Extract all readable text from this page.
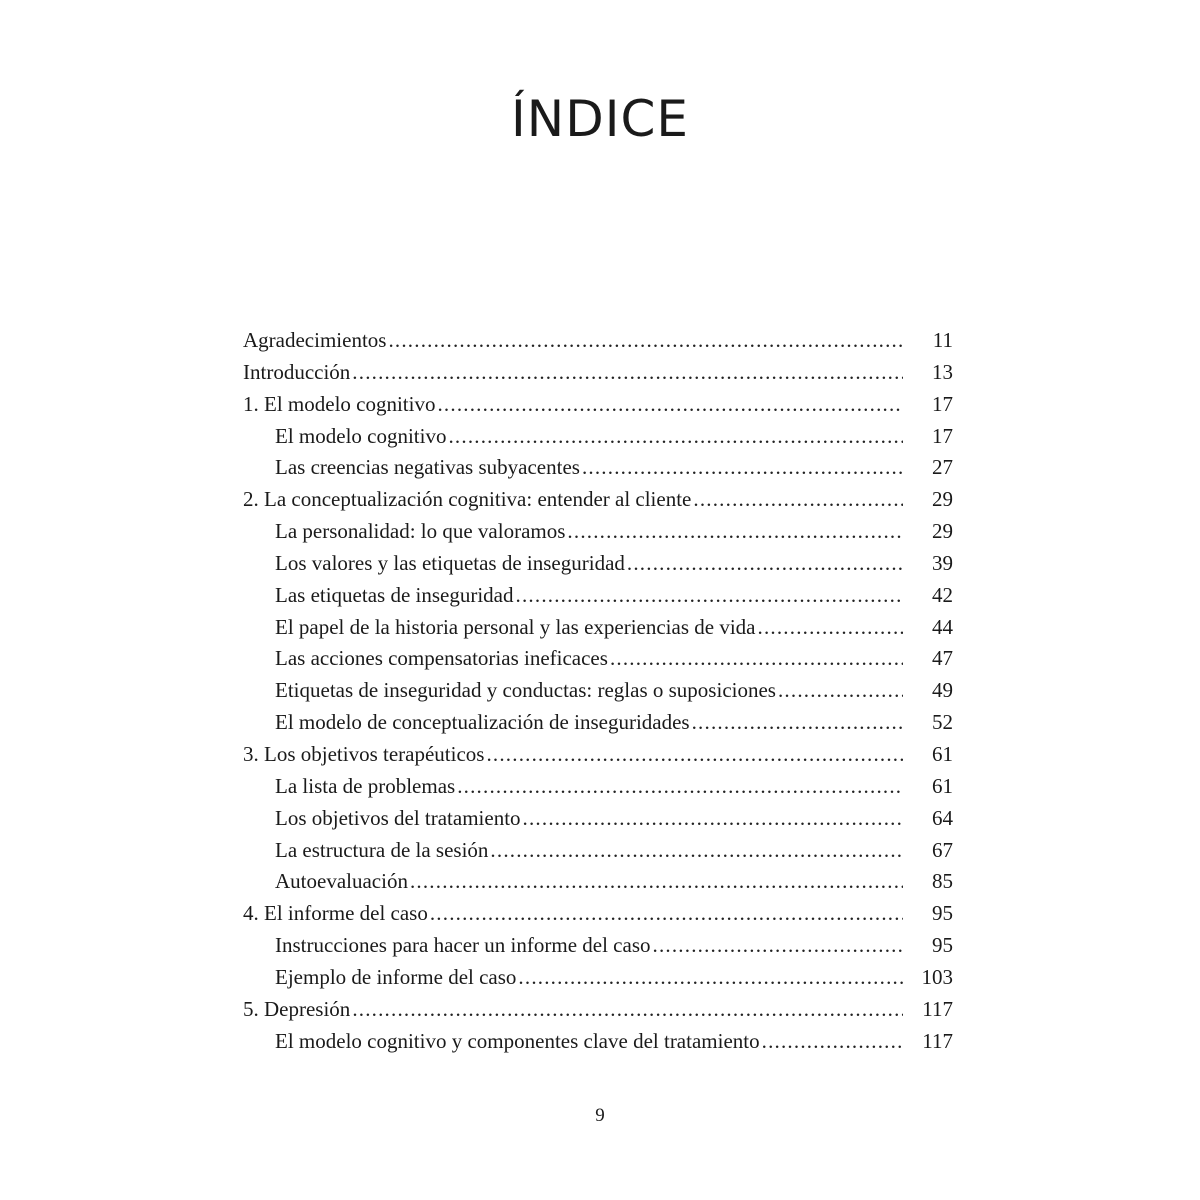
ÍNDICE
Agradecimientos .....	11
Introducción .....	13
1. El modelo cognitivo .....	17
El modelo cognitivo .....	17
Las creencias negativas subyacentes .....	27
2. La conceptualización cognitiva: entender al cliente .....	29
La personalidad: lo que valoramos .....	29
Los valores y las etiquetas de inseguridad .....	39
Las etiquetas de inseguridad .....	42
El papel de la historia personal y las experiencias de vida .....	44
Las acciones compensatorias ineficaces .....	47
Etiquetas de inseguridad y conductas: reglas o suposiciones .....	49
El modelo de conceptualización de inseguridades .....	52
3. Los objetivos terapéuticos .....	61
La lista de problemas .....	61
Los objetivos del tratamiento .....	64
La estructura de la sesión .....	67
Autoevaluación .....	85
4. El informe del caso .....	95
Instrucciones para hacer un informe del caso .....	95
Ejemplo de informe del caso .....	103
5. Depresión .....	117
El modelo cognitivo y componentes clave del tratamiento .....	117
9
